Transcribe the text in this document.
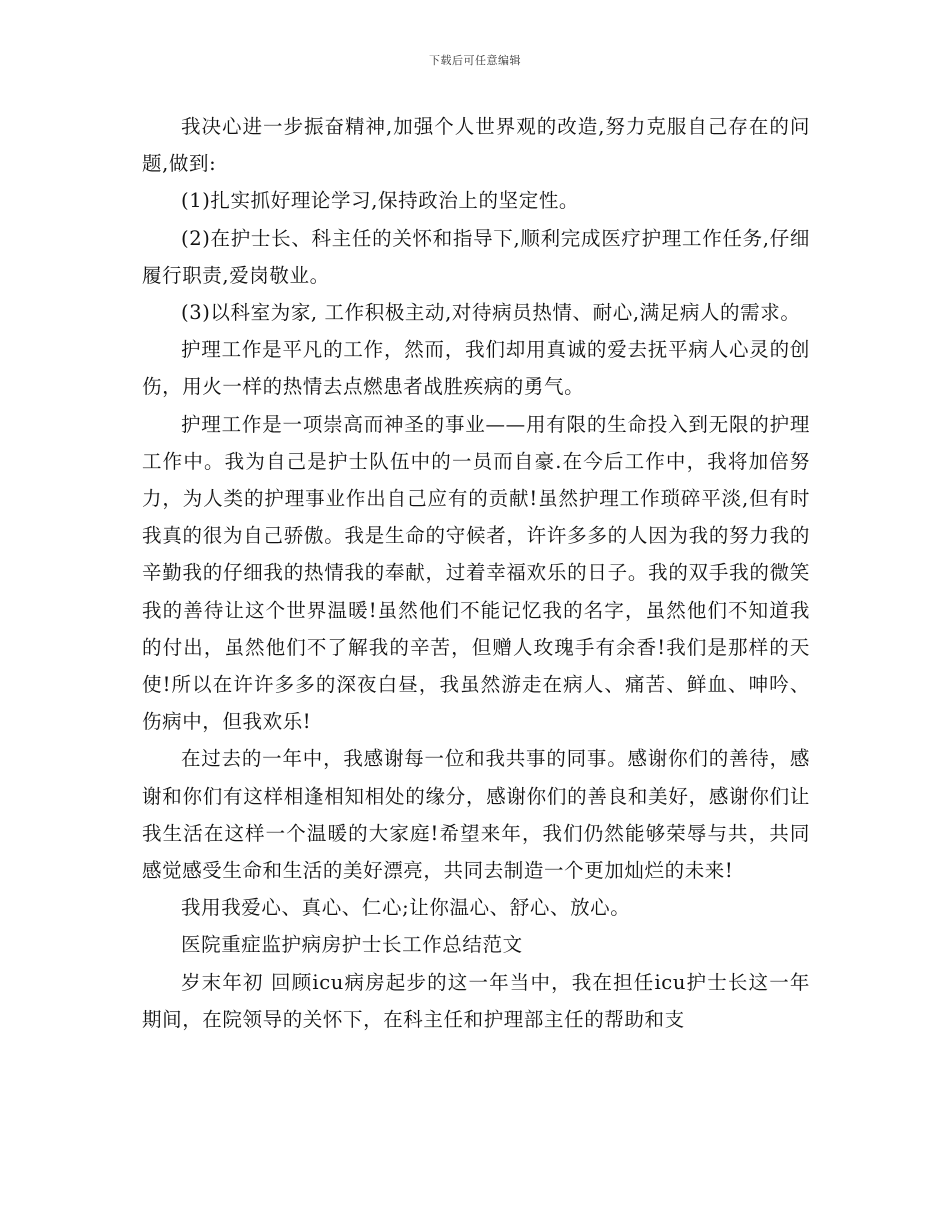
下载后可任意编辑

我决心进一步振奋精神,加强个人世界观的改造,努力克服自己存在的问题,做到:

(1)扎实抓好理论学习,保持政治上的坚定性。

(2)在护士长、科主任的关怀和指导下,顺利完成医疗护理工作任务,仔细履行职责,爱岗敬业。

(3)以科室为家, 工作积极主动,对待病员热情、耐心,满足病人的需求。

护理工作是平凡的工作，然而，我们却用真诚的爱去抚平病人心灵的创伤，用火一样的热情去点燃患者战胜疾病的勇气。

护理工作是一项崇高而神圣的事业——用有限的生命投入到无限的护理工作中。我为自己是护士队伍中的一员而自豪.在今后工作中，我将加倍努力，为人类的护理事业作出自己应有的贡献!虽然护理工作琐碎平淡,但有时我真的很为自己骄傲。我是生命的守候者，许许多多的人因为我的努力我的辛勤我的仔细我的热情我的奉献，过着幸福欢乐的日子。我的双手我的微笑我的善待让这个世界温暖!虽然他们不能记忆我的名字，虽然他们不知道我的付出，虽然他们不了解我的辛苦，但赠人玫瑰手有余香!我们是那样的天使!所以在许许多多的深夜白昼，我虽然游走在病人、痛苦、鲜血、呻吟、伤病中，但我欢乐!

在过去的一年中，我感谢每一位和我共事的同事。感谢你们的善待，感谢和你们有这样相逢相知相处的缘分，感谢你们的善良和美好，感谢你们让我生活在这样一个温暖的大家庭!希望来年，我们仍然能够荣辱与共，共同感觉感受生命和生活的美好漂亮，共同去制造一个更加灿烂的未来!

我用我爱心、真心、仁心;让你温心、舒心、放心。

医院重症监护病房护士长工作总结范文

岁末年初 回顾icu病房起步的这一年当中，我在担任icu护士长这一年期间，在院领导的关怀下，在科主任和护理部主任的帮助和支
